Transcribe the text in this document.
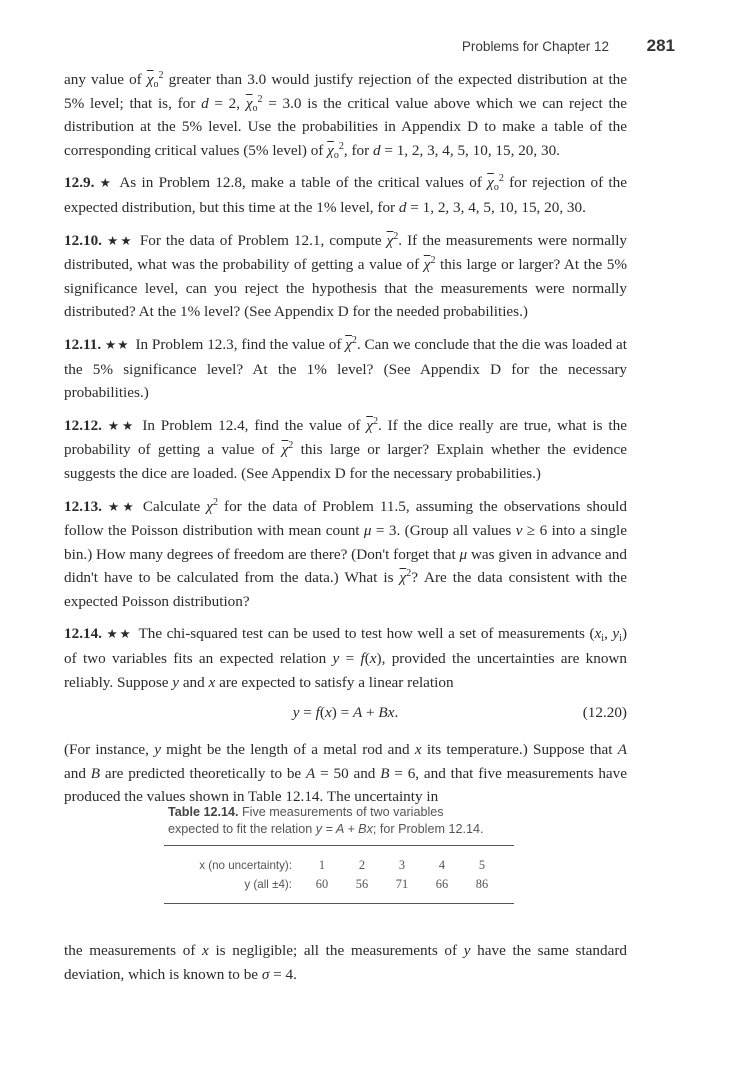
Problems for Chapter 12 281

any value of $\overline{\chi}_o^2$ greater than 3.0 would justify rejection of the expected distribution at the 5% level; that is, for d = 2, $\overline{\chi}_o^2 = 3.0$ is the critical value above which we can reject the distribution at the 5% level. Use the probabilities in Appendix D to make a table of the corresponding critical values (5% level) of $\overline{\chi}_o^2$, for d = 1, 2, 3, 4, 5, 10, 15, 20, 30.

12.9. ★ As in Problem 12.8, make a table of the critical values of $\overline{\chi}_o^2$ for rejection of the expected distribution, but this time at the 1% level, for d = 1, 2, 3, 4, 5, 10, 15, 20, 30.

12.10. ★★ For the data of Problem 12.1, compute $\overline{\chi}^2$. If the measurements were normally distributed, what was the probability of getting a value of $\overline{\chi}^2$ this large or larger? At the 5% significance level, can you reject the hypothesis that the measurements were normally distributed? At the 1% level? (See Appendix D for the needed probabilities.)

12.11. ★★ In Problem 12.3, find the value of $\overline{\chi}^2$. Can we conclude that the die was loaded at the 5% significance level? At the 1% level? (See Appendix D for the necessary probabilities.)

12.12. ★★ In Problem 12.4, find the value of $\overline{\chi}^2$. If the dice really are true, what is the probability of getting a value of $\overline{\chi}^2$ this large or larger? Explain whether the evidence suggests the dice are loaded. (See Appendix D for the necessary probabilities.)

12.13. ★★ Calculate $\chi^2$ for the data of Problem 11.5, assuming the observations should follow the Poisson distribution with mean count μ = 3. (Group all values ν ≥ 6 into a single bin.) How many degrees of freedom are there? (Don't forget that μ was given in advance and didn't have to be calculated from the data.) What is $\overline{\chi}^2$? Are the data consistent with the expected Poisson distribution?

12.14. ★★ The chi-squared test can be used to test how well a set of measurements ($x_i$, $y_i$) of two variables fits an expected relation y = f(x), provided the uncertainties are known reliably. Suppose y and x are expected to satisfy a linear relation

y = f(x) = A + Bx.	(12.20)

(For instance, y might be the length of a metal rod and x its temperature.) Suppose that A and B are predicted theoretically to be A = 50 and B = 6, and that five measurements have produced the values shown in Table 12.14. The uncertainty in

Table 12.14. Five measurements of two variables expected to fit the relation y = A + Bx; for Problem 12.14.
x (no uncertainty):	1	2	3	4	5
y (all ±4):	60	56	71	66	86

the measurements of x is negligible; all the measurements of y have the same standard deviation, which is known to be σ = 4.
